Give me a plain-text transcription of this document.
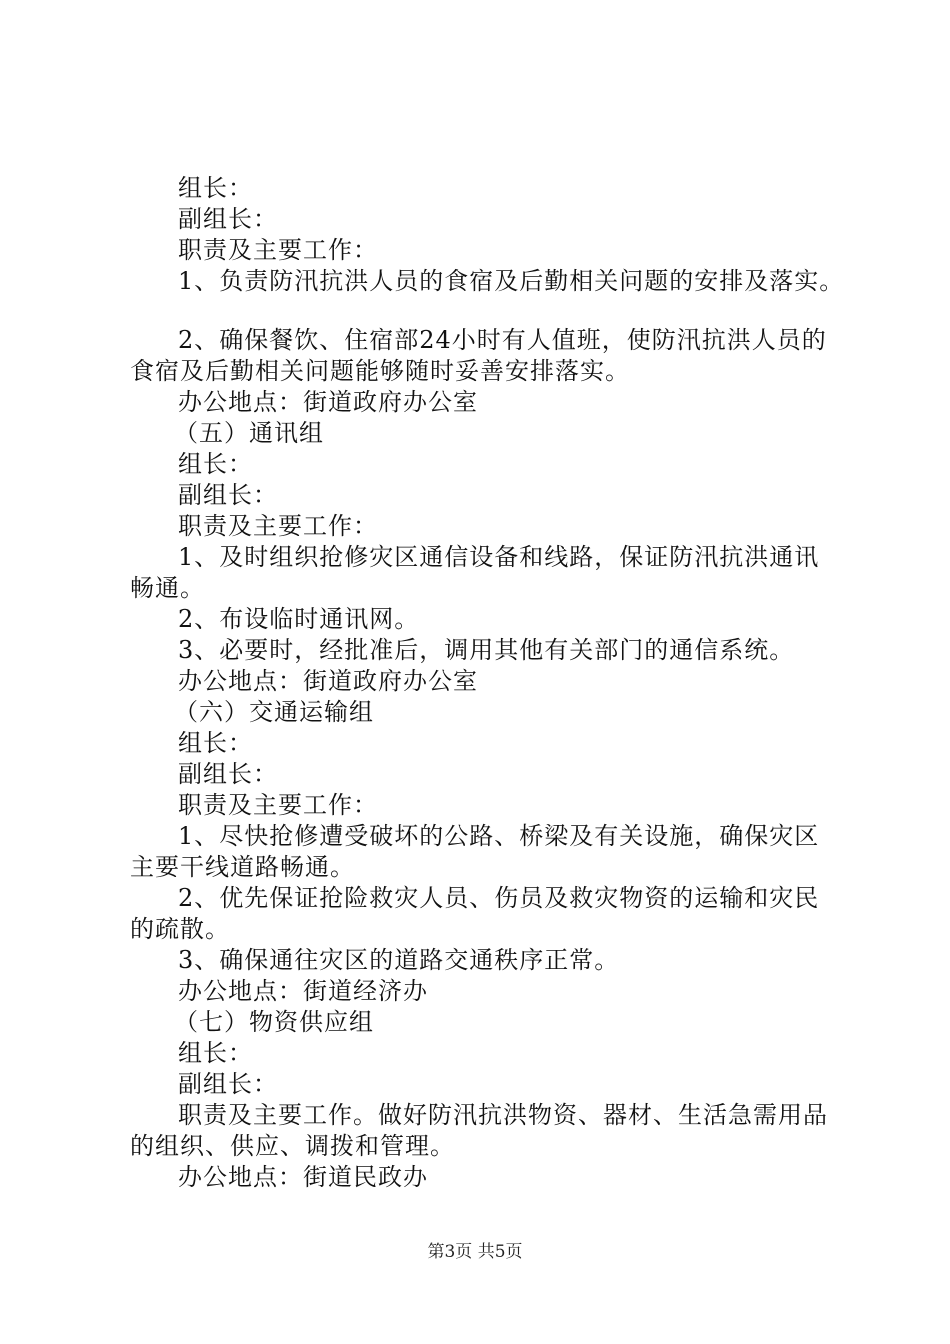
组长：
副组长：
职责及主要工作：
1、负责防汛抗洪人员的食宿及后勤相关问题的安排及落实。
2、确保餐饮、住宿部24小时有人值班，使防汛抗洪人员的食宿及后勤相关问题能够随时妥善安排落实。
办公地点：街道政府办公室
（五）通讯组
组长：
副组长：
职责及主要工作：
1、及时组织抢修灾区通信设备和线路，保证防汛抗洪通讯畅通。
2、布设临时通讯网。
3、必要时，经批准后，调用其他有关部门的通信系统。
办公地点：街道政府办公室
（六）交通运输组
组长：
副组长：
职责及主要工作：
1、尽快抢修遭受破坏的公路、桥梁及有关设施，确保灾区主要干线道路畅通。
2、优先保证抢险救灾人员、伤员及救灾物资的运输和灾民的疏散。
3、确保通往灾区的道路交通秩序正常。
办公地点：街道经济办
（七）物资供应组
组长：
副组长：
职责及主要工作。做好防汛抗洪物资、器材、生活急需用品的组织、供应、调拨和管理。
办公地点：街道民政办
第3页 共5页
